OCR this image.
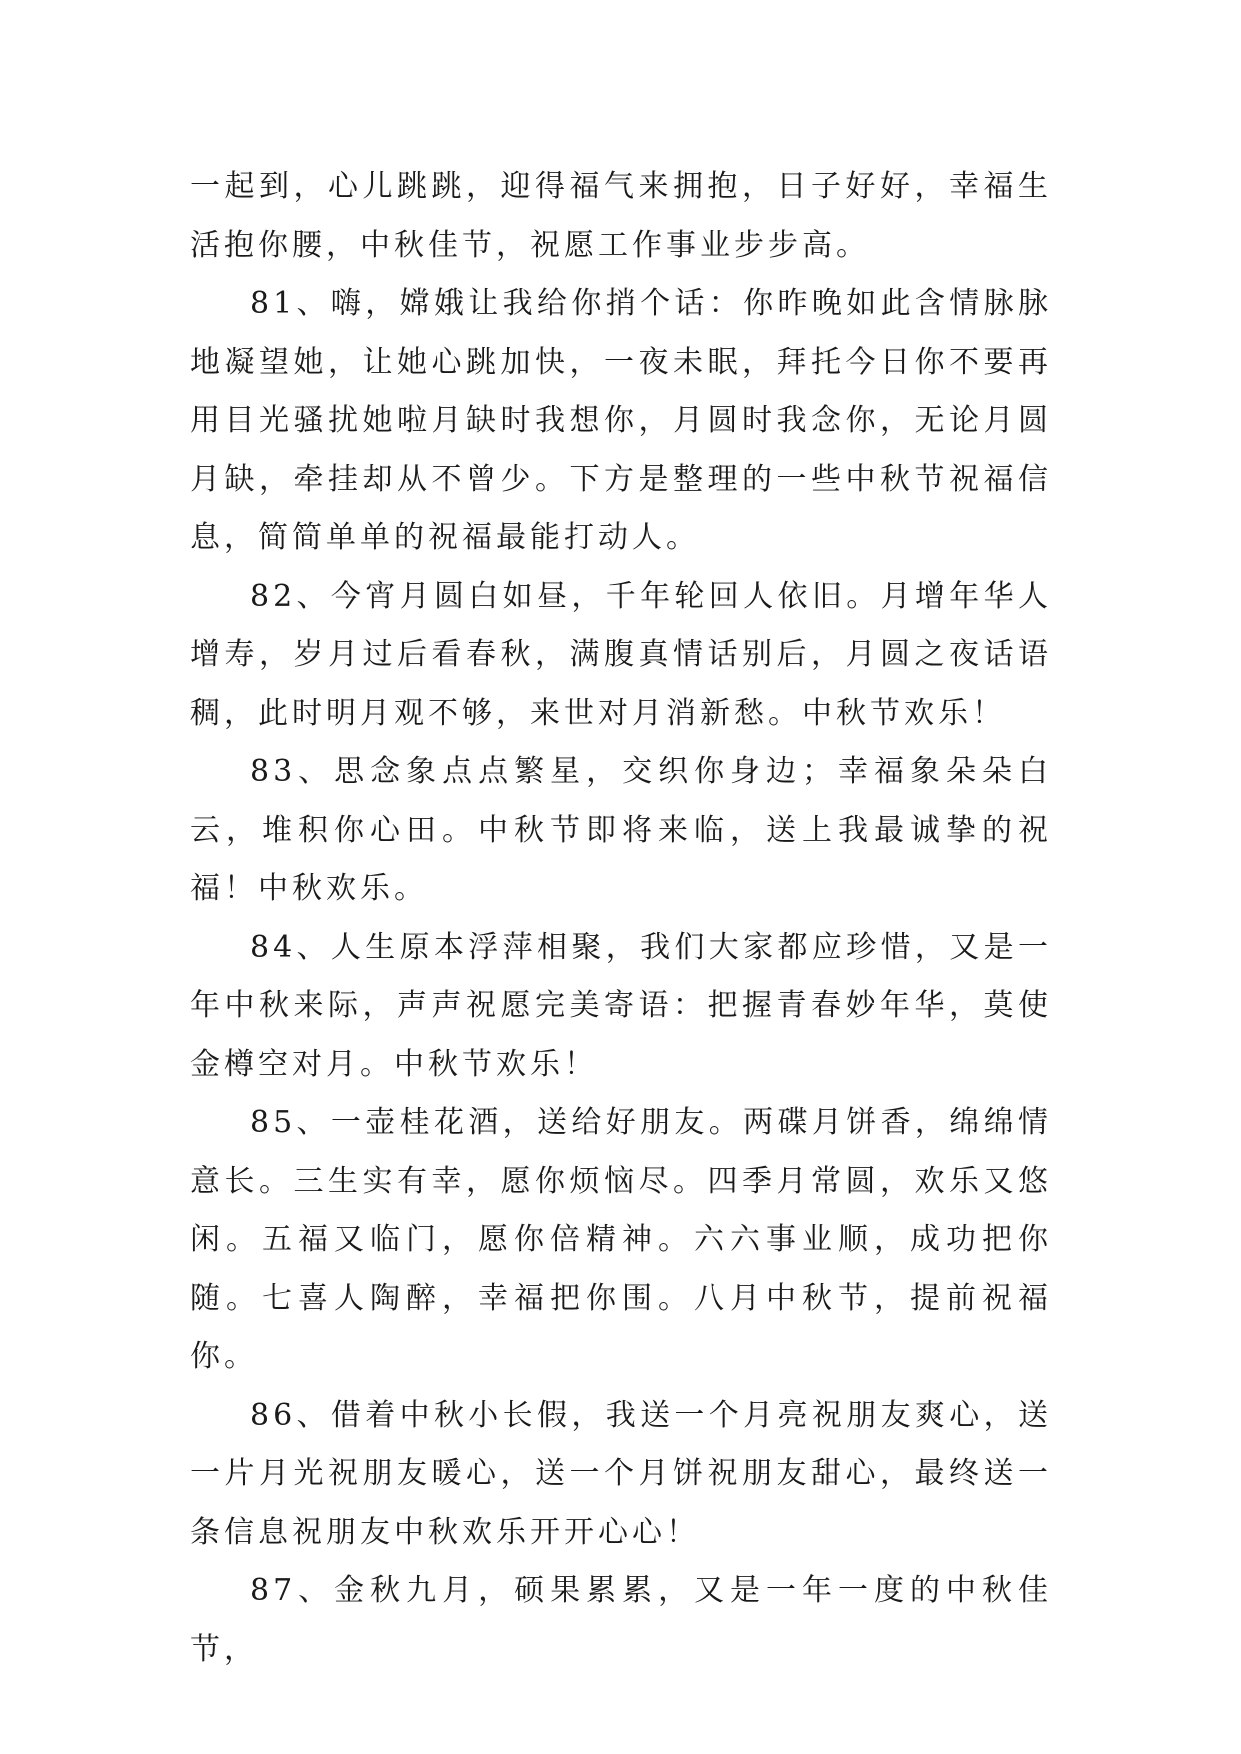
一起到，心儿跳跳，迎得福气来拥抱，日子好好，幸福生活抱你腰，中秋佳节，祝愿工作事业步步高。

81、嗨，嫦娥让我给你捎个话：你昨晚如此含情脉脉地凝望她，让她心跳加快，一夜未眠，拜托今日你不要再用目光骚扰她啦月缺时我想你，月圆时我念你，无论月圆月缺，牵挂却从不曾少。下方是整理的一些中秋节祝福信息，简简单单的祝福最能打动人。

82、今宵月圆白如昼，千年轮回人依旧。月增年华人增寿，岁月过后看春秋，满腹真情话别后，月圆之夜话语稠，此时明月观不够，来世对月消新愁。中秋节欢乐！

83、思念象点点繁星，交织你身边；幸福象朵朵白云，堆积你心田。中秋节即将来临，送上我最诚挚的祝福！中秋欢乐。

84、人生原本浮萍相聚，我们大家都应珍惜，又是一年中秋来际，声声祝愿完美寄语：把握青春妙年华，莫使金樽空对月。中秋节欢乐！

85、一壶桂花酒，送给好朋友。两碟月饼香，绵绵情意长。三生实有幸，愿你烦恼尽。四季月常圆，欢乐又悠闲。五福又临门，愿你倍精神。六六事业顺，成功把你随。七喜人陶醉，幸福把你围。八月中秋节，提前祝福你。

86、借着中秋小长假，我送一个月亮祝朋友爽心，送一片月光祝朋友暖心，送一个月饼祝朋友甜心，最终送一条信息祝朋友中秋欢乐开开心心！

87、金秋九月，硕果累累，又是一年一度的中秋佳节，
